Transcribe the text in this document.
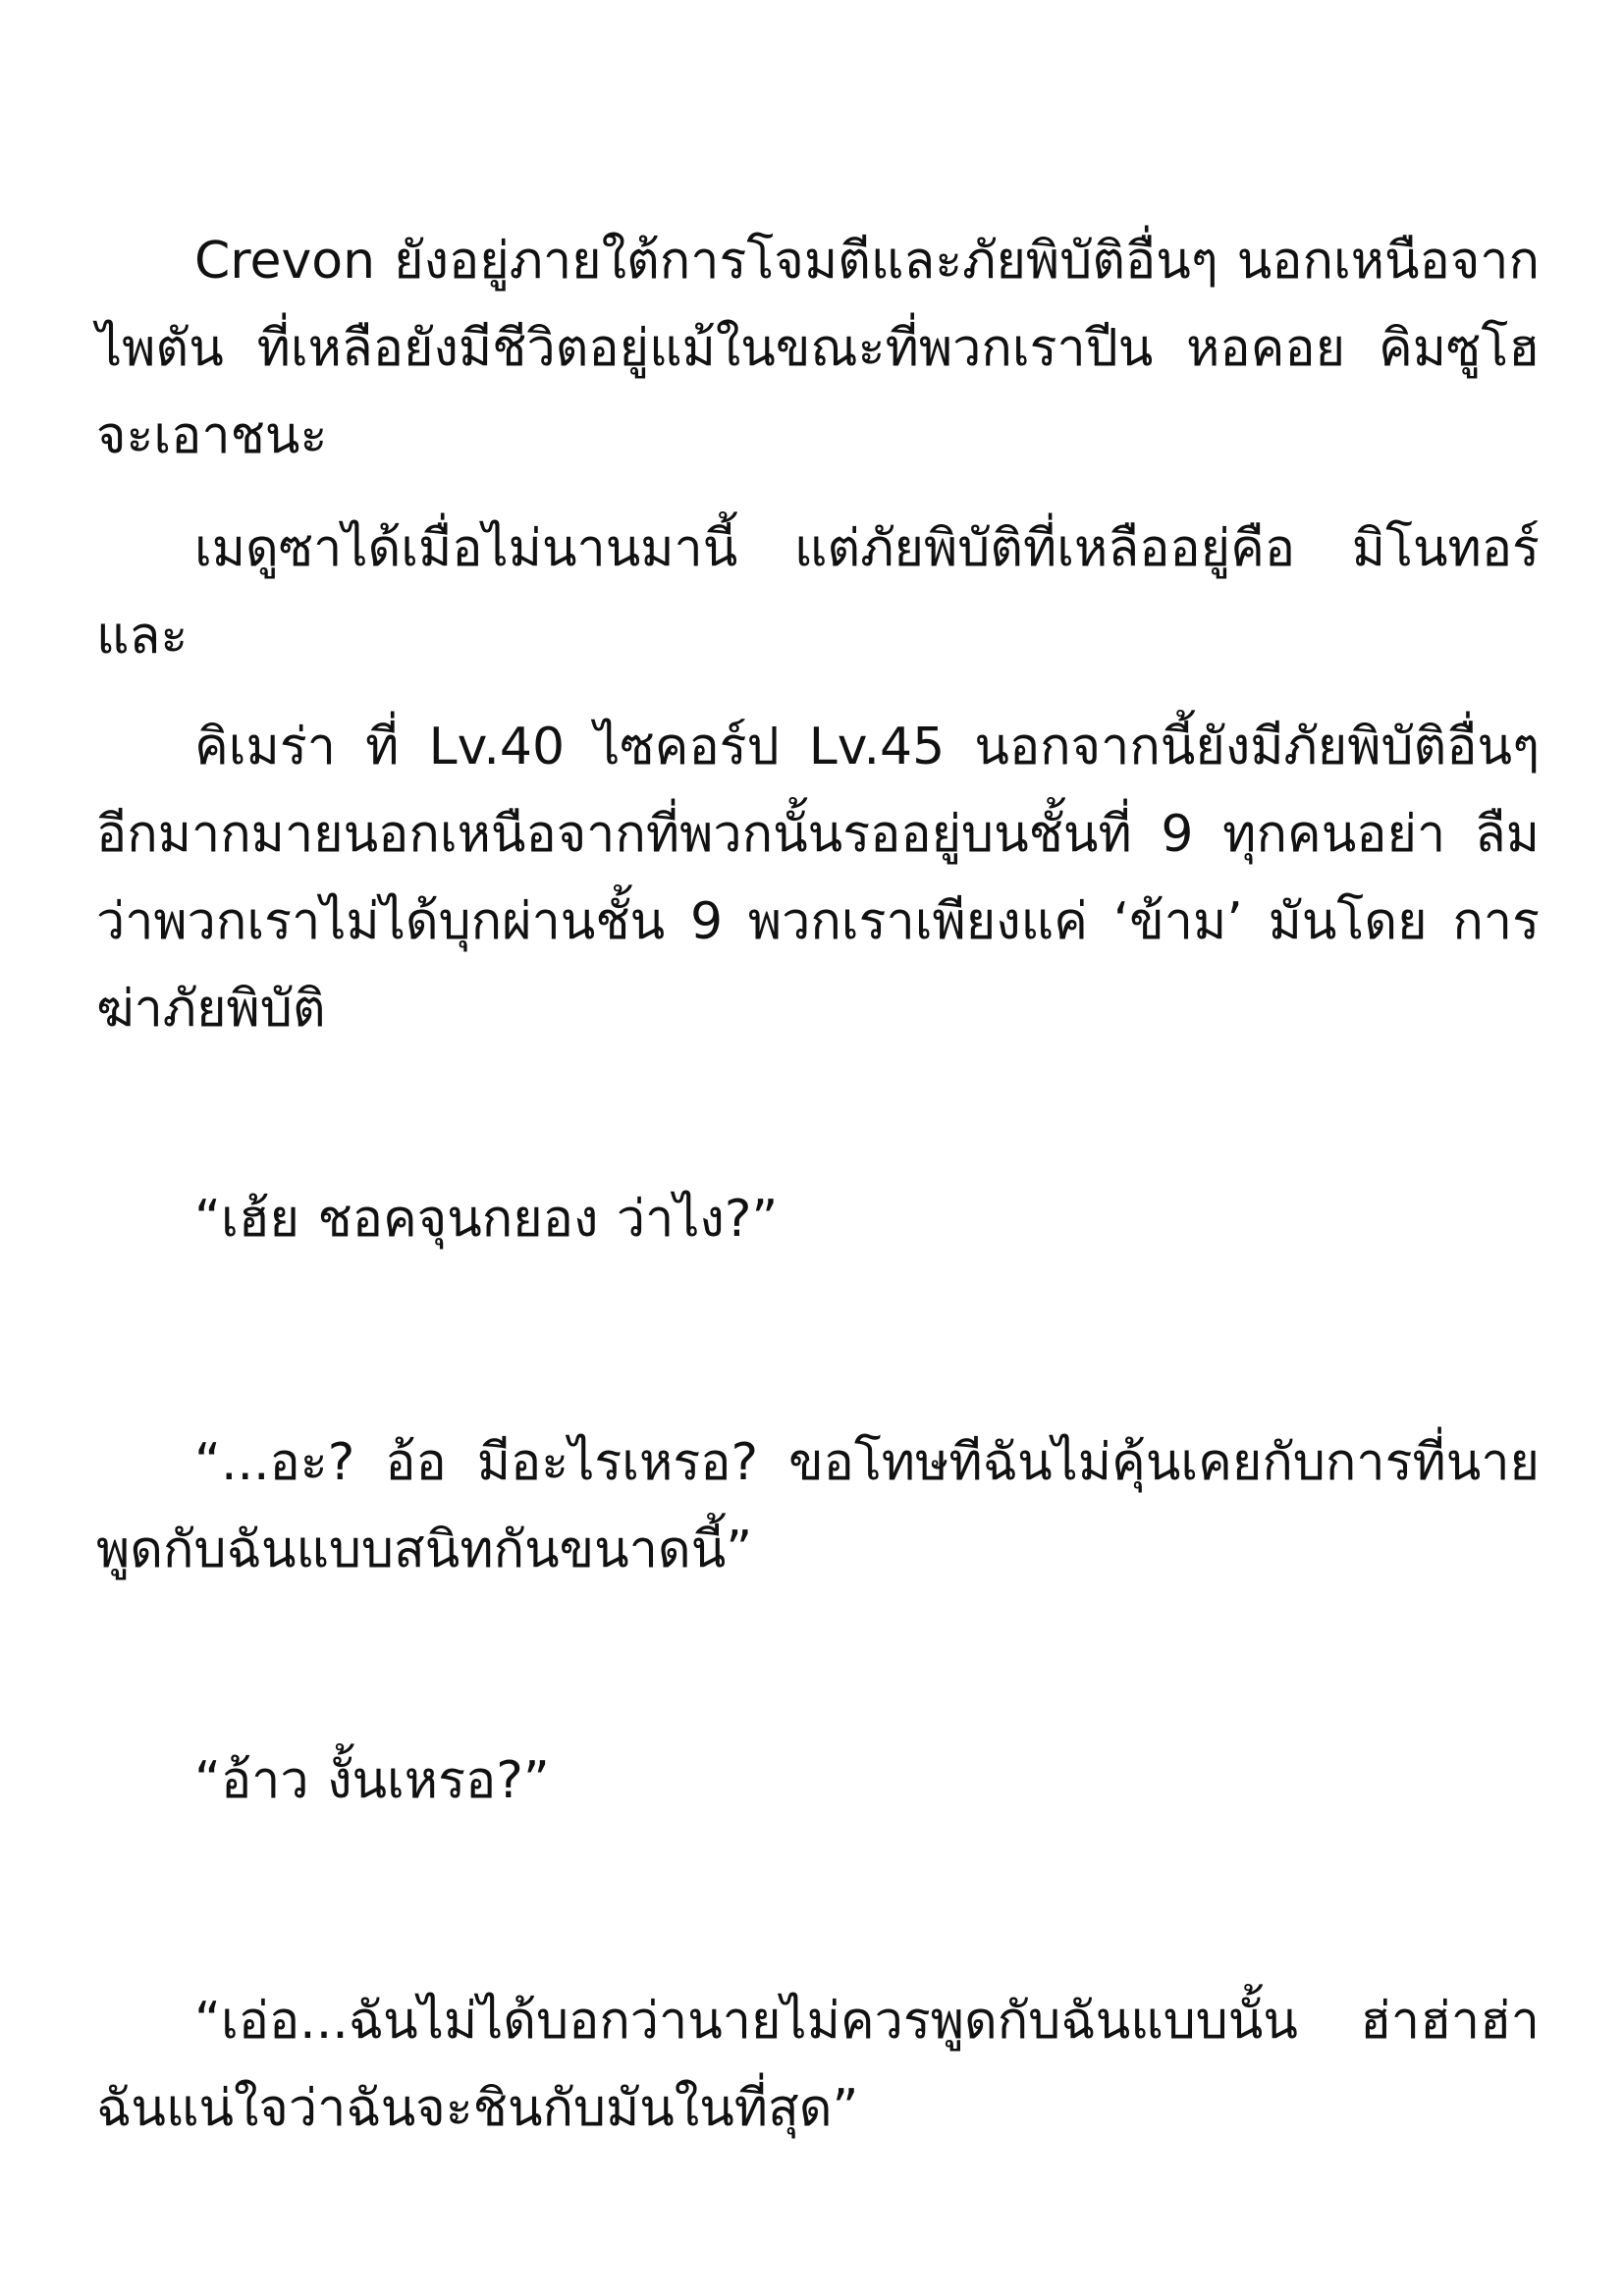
Crevon ยังอยู่ภายใต้การโจมตีและภัยพิบัติอื่นๆ นอกเหนือจาก ไพตัน ที่เหลือยังมีชีวิตอยู่แม้ในขณะที่พวกเราปีน หอคอย คิมซูโฮจะเอาชนะ

เมดูซาได้เมื่อไม่นานมานี้ แต่ภัยพิบัติที่เหลืออยู่คือ มิโนทอร์ และ

คิเมร่า ที่ Lv.40 ไซคอร์ป Lv.45 นอกจากนี้ยังมีภัยพิบัติอื่นๆ อีกมากมายนอกเหนือจากที่พวกนั้นรออยู่บนชั้นที่ 9 ทุกคนอย่า ลืมว่าพวกเราไม่ได้บุกผ่านชั้น 9 พวกเราเพียงแค่ ‘ข้าม’ มันโดย การฆ่าภัยพิบัติ

“เฮ้ย ชอคจุนกยอง ว่าไง?”

“...อะ? อ้อ มีอะไรเหรอ? ขอโทษทีฉันไม่คุ้นเคยกับการที่นาย พูดกับฉันแบบสนิทกันขนาดนี้”

“อ้าว งั้นเหรอ?”

“เอ่อ...ฉันไม่ได้บอกว่านายไม่ควรพูดกับฉันแบบนั้น ฮ่าฮ่าฮ่า ฉันแน่ใจว่าฉันจะชินกับมันในที่สุด”
